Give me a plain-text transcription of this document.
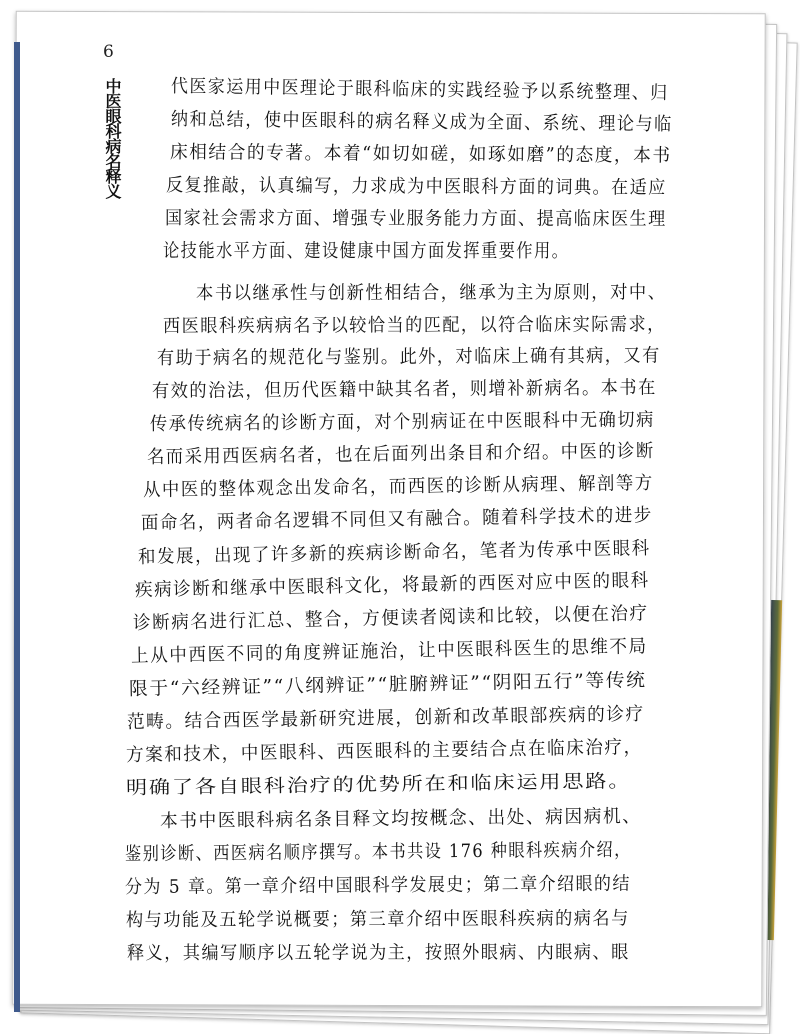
6
中医眼科病名释义	代医家运用中医理论于眼科临床的实践经验予以系统整理、归
纳和总结，使中医眼科的病名释义成为全面、系统、理论与临
床相结合的专著。本着“如切如磋，如琢如磨”的态度，本书
反复推敲，认真编写，力求成为中医眼科方面的词典。在适应
国家社会需求方面、增强专业服务能力方面、提高临床医生理
论技能水平方面、建设健康中国方面发挥重要作用。
本书以继承性与创新性相结合，继承为主为原则，对中、
西医眼科疾病病名予以较恰当的匹配，以符合临床实际需求，
有助于病名的规范化与鉴别。此外，对临床上确有其病，又有
有效的治法，但历代医籍中缺其名者，则增补新病名。本书在
传承传统病名的诊断方面，对个别病证在中医眼科中无确切病
名而采用西医病名者，也在后面列出条目和介绍。中医的诊断
从中医的整体观念出发命名，而西医的诊断从病理、解剖等方
面命名，两者命名逻辑不同但又有融合。随着科学技术的进步
和发展，出现了许多新的疾病诊断命名，笔者为传承中医眼科
疾病诊断和继承中医眼科文化，将最新的西医对应中医的眼科
诊断病名进行汇总、整合，方便读者阅读和比较，以便在治疗
上从中西医不同的角度辨证施治，让中医眼科医生的思维不局
限于“六经辨证”“八纲辨证”“脏腑辨证”“阴阳五行”等传统
范畴。结合西医学最新研究进展，创新和改革眼部疾病的诊疗
方案和技术，中医眼科、西医眼科的主要结合点在临床治疗，
明确了各自眼科治疗的优势所在和临床运用思路。
本书中医眼科病名条目释文均按概念、出处、病因病机、
鉴别诊断、西医病名顺序撰写。本书共设 176 种眼科疾病介绍，
分为 5 章。第一章介绍中国眼科学发展史；第二章介绍眼的结
构与功能及五轮学说概要；第三章介绍中医眼科疾病的病名与
释义，其编写顺序以五轮学说为主，按照外眼病、内眼病、眼
